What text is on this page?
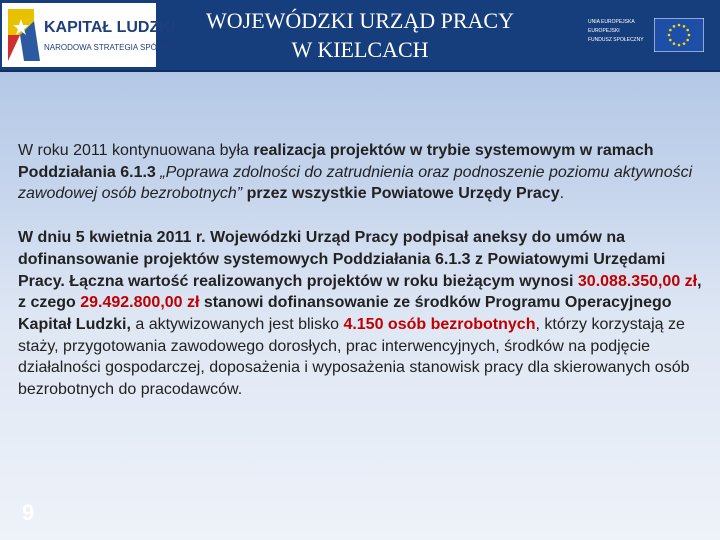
KAPITAŁ LUDZKI
NARODOWA STRATEGIA SPÓJNOŚCI
WOJEWÓDZKI URZĄD PRACY
W KIELCACH
UNIA EUROPEJSKA
EUROPEJSKI
FUNDUSZ SPOŁECZNY

W roku 2011 kontynuowana była realizacja projektów w trybie systemowym w ramach Poddziałania 6.1.3 „Poprawa zdolności do zatrudnienia oraz podnoszenie poziomu aktywności zawodowej osób bezrobotnych” przez wszystkie Powiatowe Urzędy Pracy.

W dniu 5 kwietnia 2011 r. Wojewódzki Urząd Pracy podpisał aneksy do umów na dofinansowanie projektów systemowych Poddziałania 6.1.3 z Powiatowymi Urzędami Pracy. Łączna wartość realizowanych projektów w roku bieżącym wynosi 30.088.350,00 zł, z czego 29.492.800,00 zł stanowi dofinansowanie ze środków Programu Operacyjnego Kapitał Ludzki, a aktywizowanych jest blisko 4.150 osób bezrobotnych, którzy korzystają ze staży, przygotowania zawodowego dorosłych, prac interwencyjnych, środków na podjęcie działalności gospodarczej, doposażenia i wyposażenia stanowisk pracy dla skierowanych osób bezrobotnych do pracodawców.

9
